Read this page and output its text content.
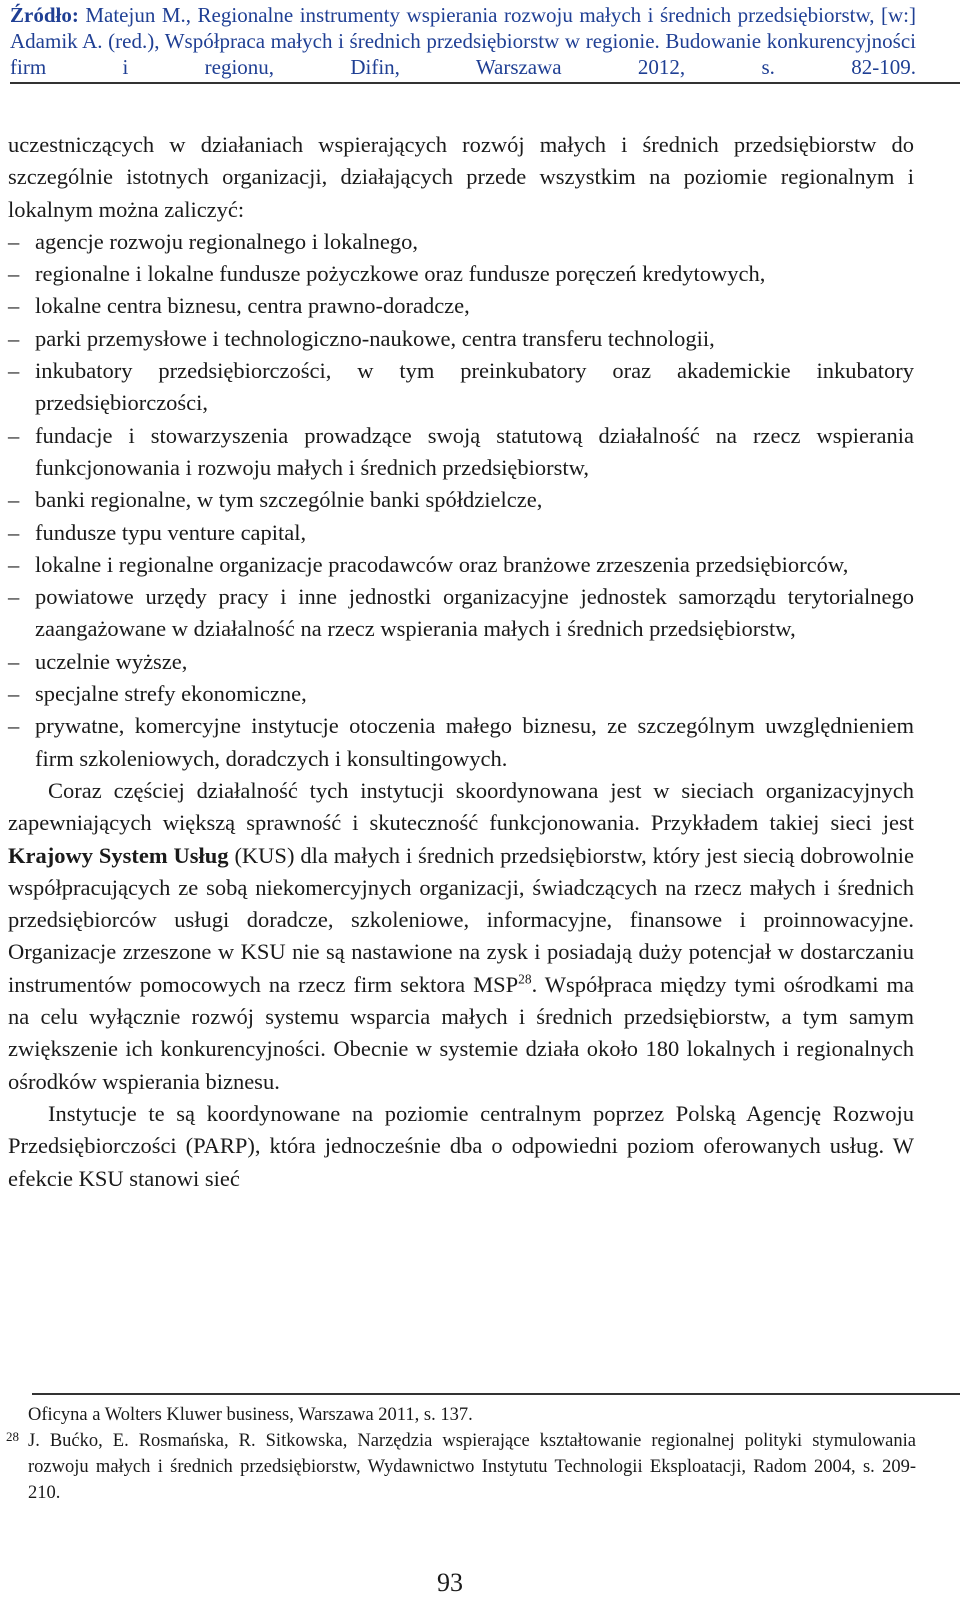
Źródło: Matejun M., Regionalne instrumenty wspierania rozwoju małych i średnich przedsiębiorstw, [w:] Adamik A. (red.), Współpraca małych i średnich przedsiębiorstw w regionie. Budowanie konkurencyjności firm i regionu, Difin, Warszawa 2012, s. 82-109.

uczestniczących w działaniach wspierających rozwój małych i średnich przedsiębiorstw do szczególnie istotnych organizacji, działających przede wszystkim na poziomie regionalnym i lokalnym można zaliczyć:

– agencje rozwoju regionalnego i lokalnego,
– regionalne i lokalne fundusze pożyczkowe oraz fundusze poręczeń kredytowych,
– lokalne centra biznesu, centra prawno-doradcze,
– parki przemysłowe i technologiczno-naukowe, centra transferu technologii,
– inkubatory przedsiębiorczości, w tym preinkubatory oraz akademickie inkubatory przedsiębiorczości,
– fundacje i stowarzyszenia prowadzące swoją statutową działalność na rzecz wspierania funkcjonowania i rozwoju małych i średnich przedsiębiorstw,
– banki regionalne, w tym szczególnie banki spółdzielcze,
– fundusze typu venture capital,
– lokalne i regionalne organizacje pracodawców oraz branżowe zrzeszenia przedsiębiorców,
– powiatowe urzędy pracy i inne jednostki organizacyjne jednostek samorządu terytorialnego zaangażowane w działalność na rzecz wspierania małych i średnich przedsiębiorstw,
– uczelnie wyższe,
– specjalne strefy ekonomiczne,
– prywatne, komercyjne instytucje otoczenia małego biznesu, ze szczególnym uwzględnieniem firm szkoleniowych, doradczych i konsultingowych.

Coraz częściej działalność tych instytucji skoordynowana jest w sieciach organizacyjnych zapewniających większą sprawność i skuteczność funkcjonowania. Przykładem takiej sieci jest Krajowy System Usług (KUS) dla małych i średnich przedsiębiorstw, który jest siecią dobrowolnie współpracujących ze sobą niekomercyjnych organizacji, świadczących na rzecz małych i średnich przedsiębiorców usługi doradcze, szkoleniowe, informacyjne, finansowe i proinnowacyjne. Organizacje zrzeszone w KSU nie są nastawione na zysk i posiadają duży potencjał w dostarczaniu instrumentów pomocowych na rzecz firm sektora MSP$^{28}$. Współpraca między tymi ośrodkami ma na celu wyłącznie rozwój systemu wsparcia małych i średnich przedsiębiorstw, a tym samym zwiększenie ich konkurencyjności. Obecnie w systemie działa około 180 lokalnych i regionalnych ośrodków wspierania biznesu.

Instytucje te są koordynowane na poziomie centralnym poprzez Polską Agencję Rozwoju Przedsiębiorczości (PARP), która jednocześnie dba o odpowiedni poziom oferowanych usług. W efekcie KSU stanowi sieć

Oficyna a Wolters Kluwer business, Warszawa 2011, s. 137.
28 J. Bućko, E. Rosmańska, R. Sitkowska, Narzędzia wspierające kształtowanie regionalnej polityki stymulowania rozwoju małych i średnich przedsiębiorstw, Wydawnictwo Instytutu Technologii Eksploatacji, Radom 2004, s. 209-210.
93
